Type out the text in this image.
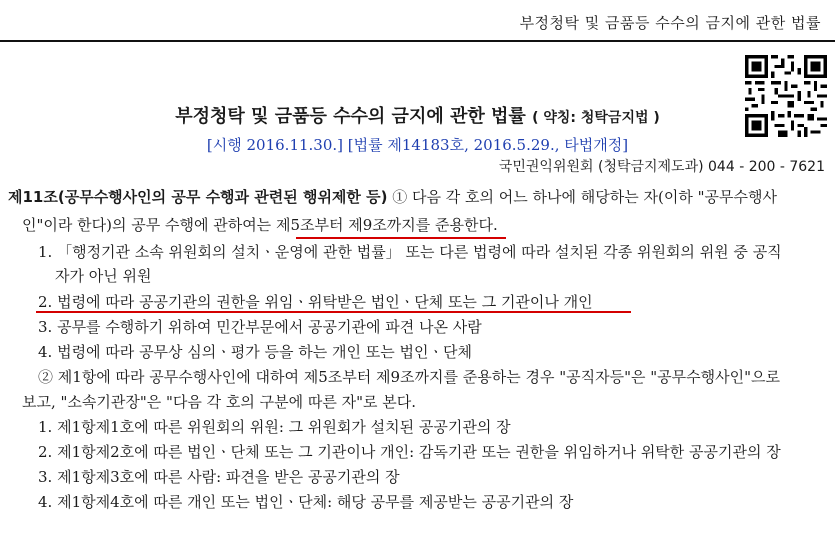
부정청탁 및 금품등 수수의 금지에 관한 법률
부정청탁 및 금품등 수수의 금지에 관한 법률 ( 약칭: 청탁금지법 )
[시행 2016.11.30.] [법률 제14183호, 2016.5.29., 타법개정]
국민권익위원회 (청탁금지제도과) 044 - 200 - 7621
제11조(공무수행사인의 공무 수행과 관련된 행위제한 등) ① 다음 각 호의 어느 하나에 해당하는 자(이하 "공무수행사
인"이라 한다)의 공무 수행에 관하여는 제5조부터 제9조까지를 준용한다.
1. 「행정기관 소속 위원회의 설치ㆍ운영에 관한 법률」 또는 다른 법령에 따라 설치된 각종 위원회의 위원 중 공직
자가 아닌 위원
2. 법령에 따라 공공기관의 권한을 위임ㆍ위탁받은 법인ㆍ단체 또는 그 기관이나 개인
3. 공무를 수행하기 위하여 민간부문에서 공공기관에 파견 나온 사람
4. 법령에 따라 공무상 심의ㆍ평가 등을 하는 개인 또는 법인ㆍ단체
② 제1항에 따라 공무수행사인에 대하여 제5조부터 제9조까지를 준용하는 경우 "공직자등"은 "공무수행사인"으로
보고, "소속기관장"은 "다음 각 호의 구분에 따른 자"로 본다.
1. 제1항제1호에 따른 위원회의 위원: 그 위원회가 설치된 공공기관의 장
2. 제1항제2호에 따른 법인ㆍ단체 또는 그 기관이나 개인: 감독기관 또는 권한을 위임하거나 위탁한 공공기관의 장
3. 제1항제3호에 따른 사람: 파견을 받은 공공기관의 장
4. 제1항제4호에 따른 개인 또는 법인ㆍ단체: 해당 공무를 제공받는 공공기관의 장
